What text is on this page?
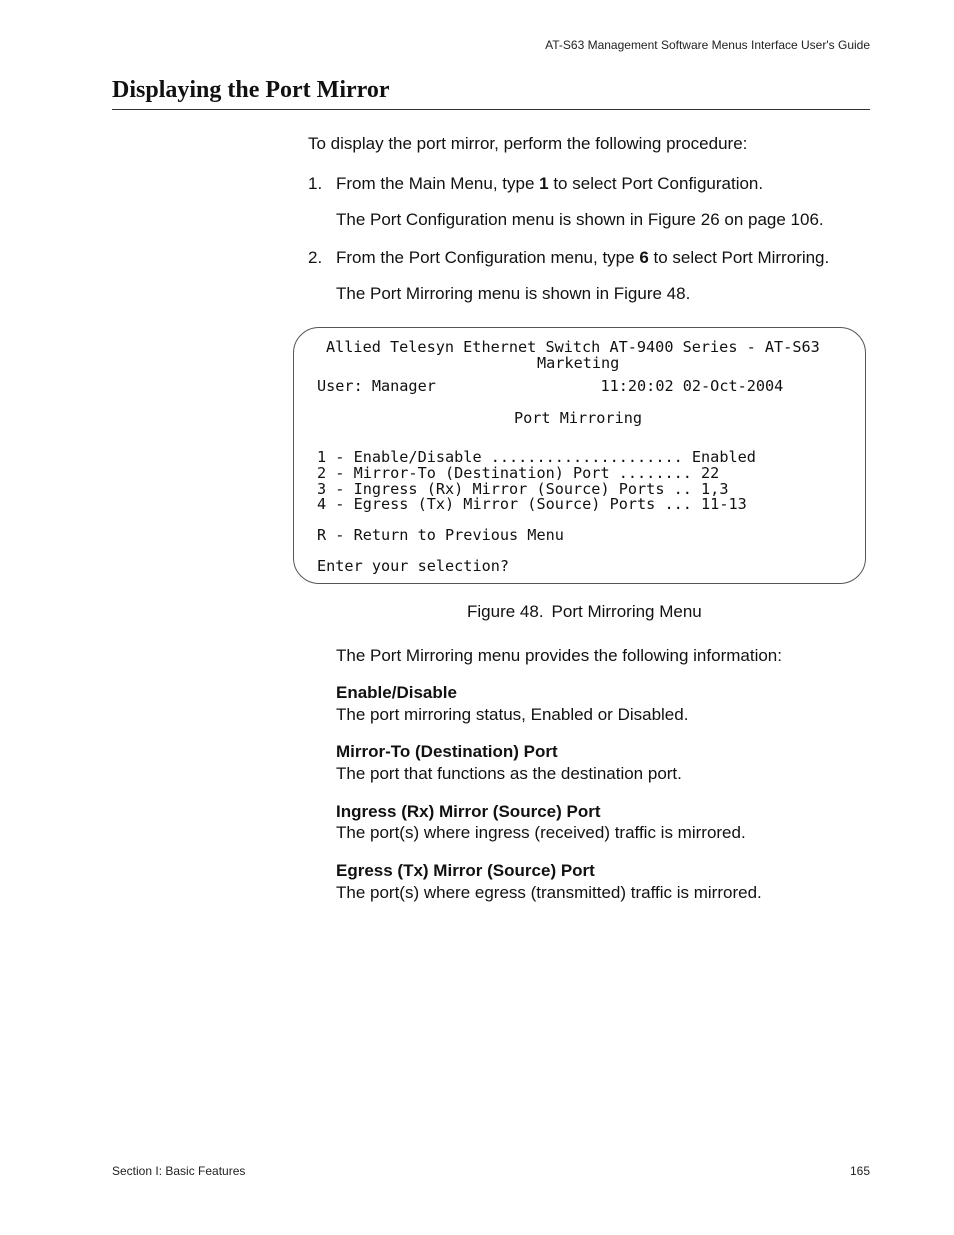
AT-S63 Management Software Menus Interface User's Guide
Displaying the Port Mirror

To display the port mirror, perform the following procedure:

1. From the Main Menu, type 1 to select Port Configuration.

The Port Configuration menu is shown in Figure 26 on page 106.

2. From the Port Configuration menu, type 6 to select Port Mirroring.

The Port Mirroring menu is shown in Figure 48.

Allied Telesyn Ethernet Switch AT-9400 Series - AT-S63
Marketing
User: Manager                  11:20:02 02-Oct-2004
Port Mirroring
1 - Enable/Disable ..................... Enabled
2 - Mirror-To (Destination) Port ........ 22
3 - Ingress (Rx) Mirror (Source) Ports .. 1,3
4 - Egress (Tx) Mirror (Source) Ports ... 11-13
R - Return to Previous Menu
Enter your selection?
Figure 48. Port Mirroring Menu

The Port Mirroring menu provides the following information:

Enable/Disable

The port mirroring status, Enabled or Disabled.

Mirror-To (Destination) Port

The port that functions as the destination port.

Ingress (Rx) Mirror (Source) Port

The port(s) where ingress (received) traffic is mirrored.

Egress (Tx) Mirror (Source) Port

The port(s) where egress (transmitted) traffic is mirrored.

Section I: Basic Features	165
